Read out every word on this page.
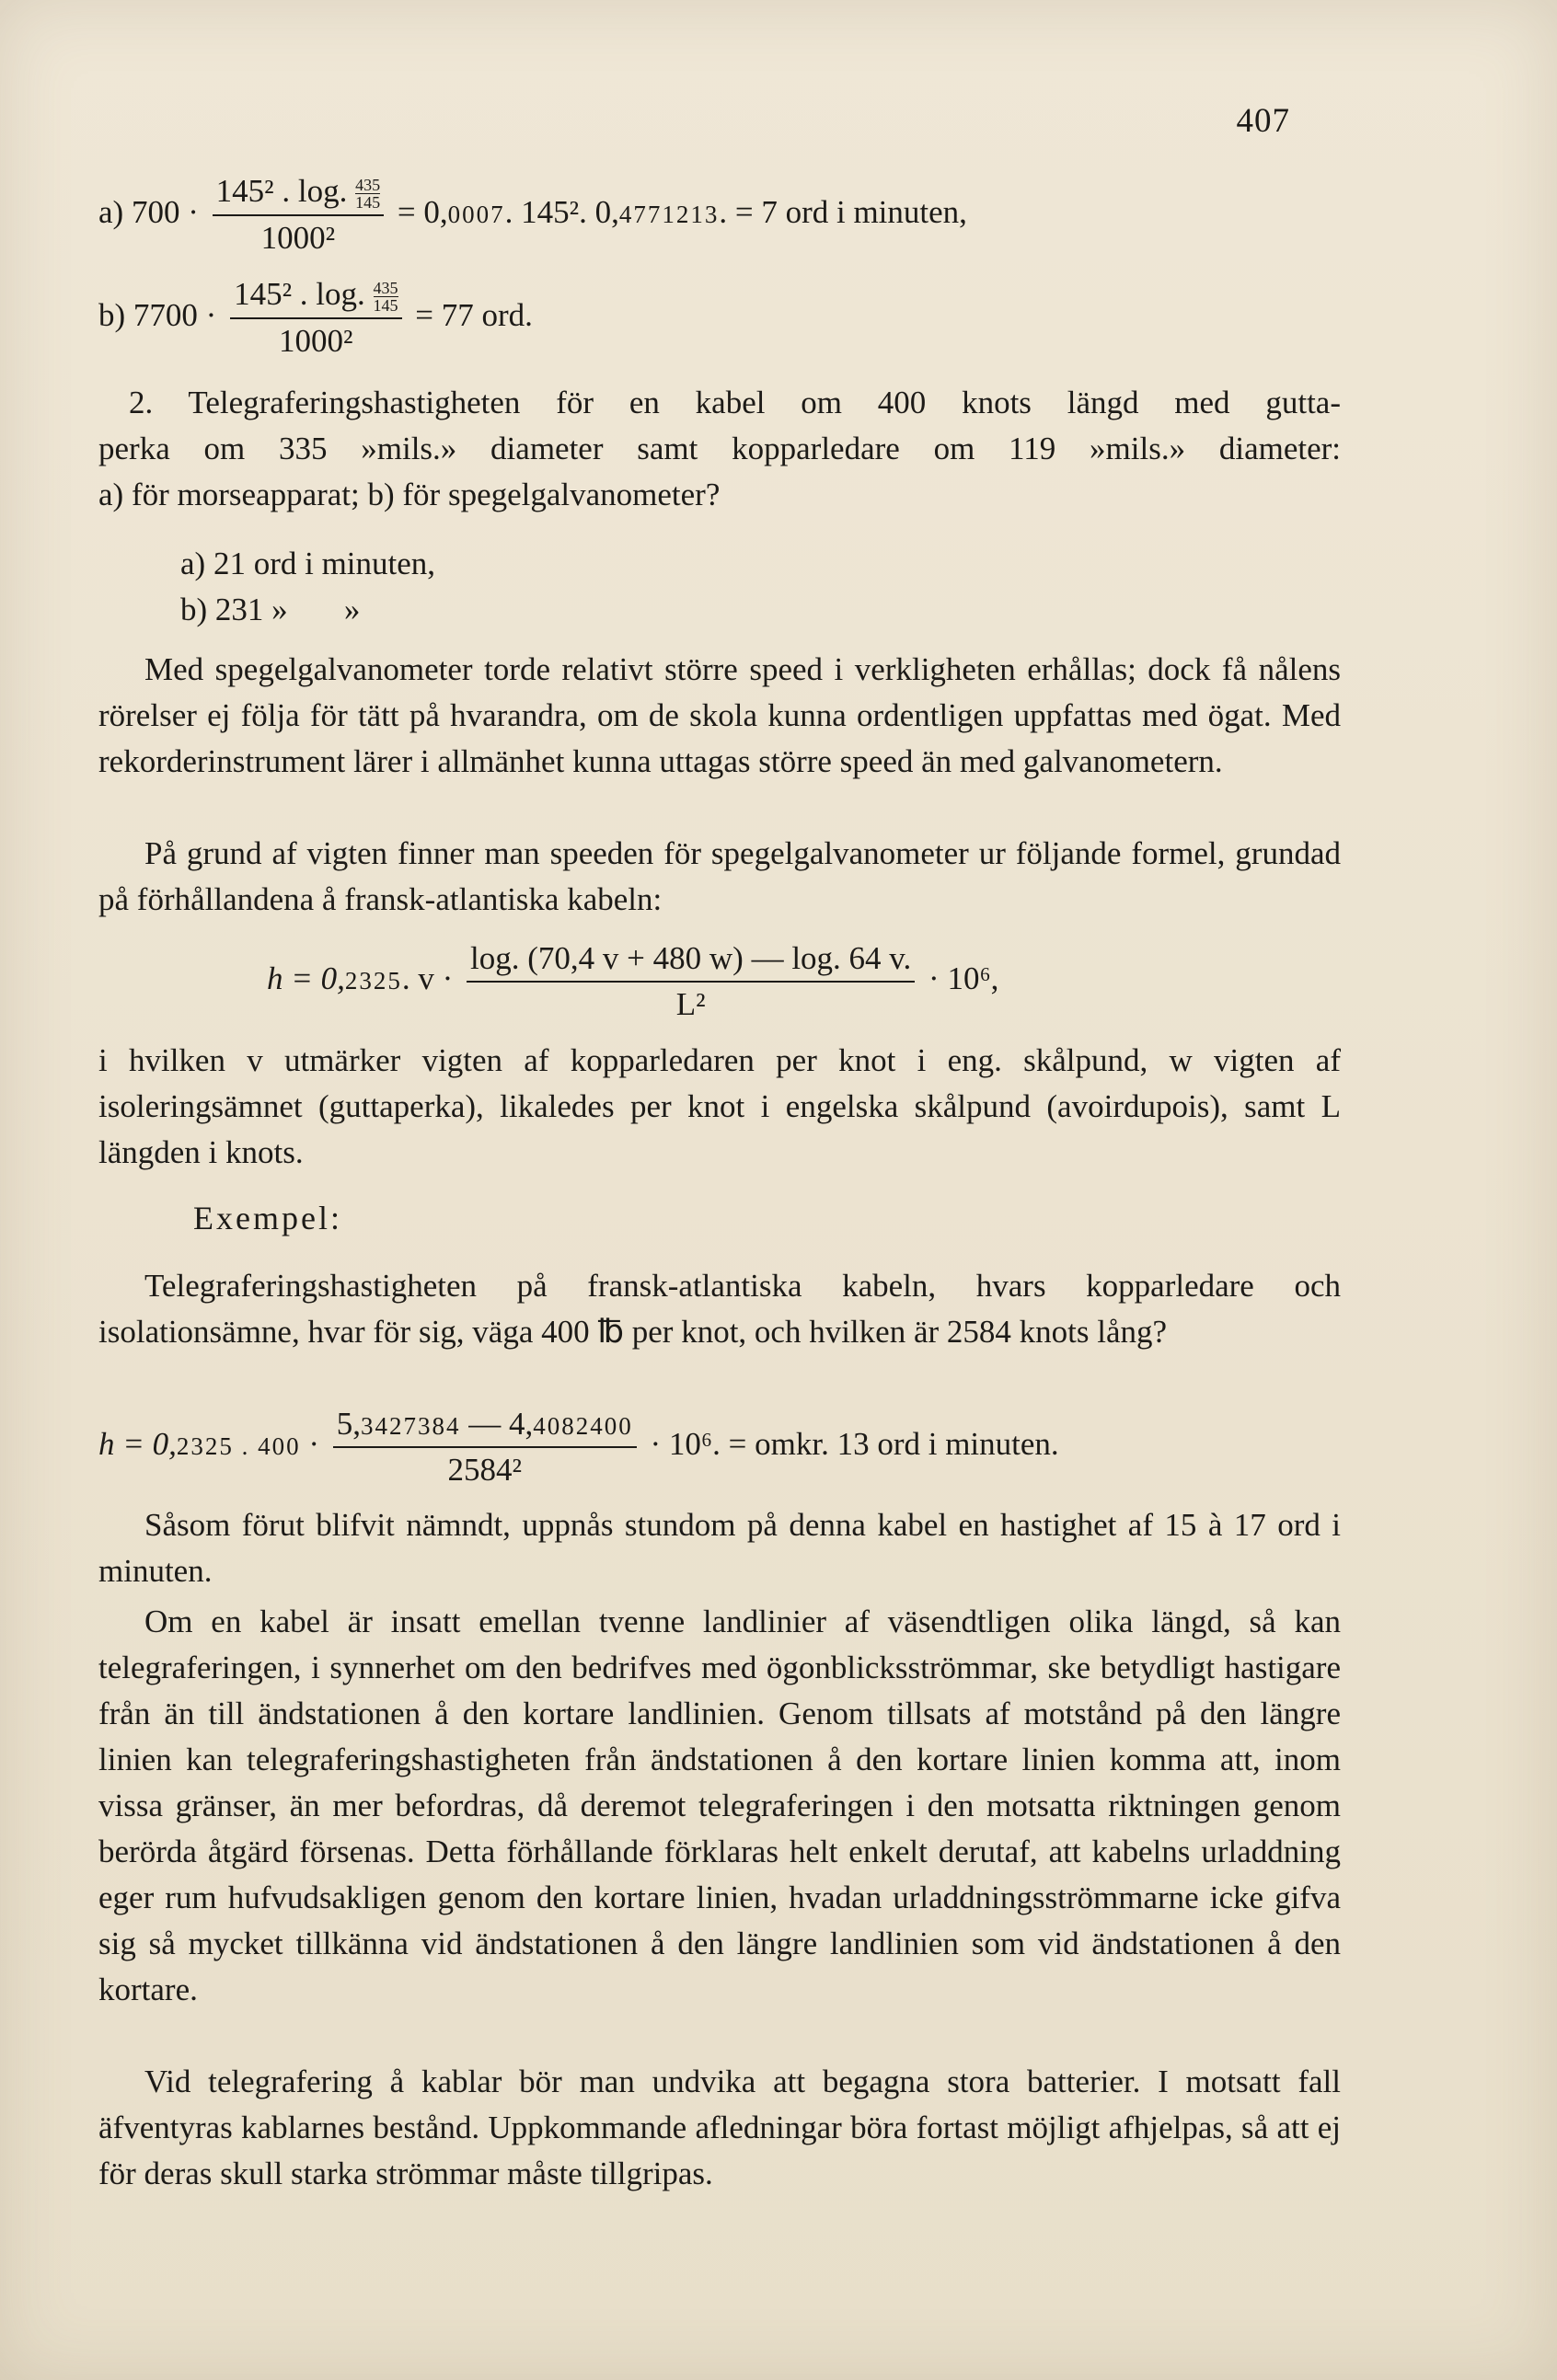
407
a) $700 \cdot \frac{145^2 . \log. \frac{435}{145}}{\text{1000²}} = 0,0007$. 145². 0,4771213. = 7 ord i minuten,
b) $7700 \cdot \frac{145^2 . \log. \frac{435}{145}}{\text{1000²}} = 77$ ord.
2. Telegraferingshastigheten för en kabel om 400 knots längd med gutta-
perka om 335 »mils.» diameter samt kopparledare om 119 »mils.» diameter:
a) för morseapparat; b) för spegelgalvanometer?
a) 21 ord i minuten,
b) 231 »       »
Med spegelgalvanometer torde relativt större speed i verkligheten erhållas; dock få nålens rörelser ej följa för tätt på hvarandra, om de skola kunna ordentligen uppfattas med ögat. Med rekorderinstrument lärer i allmänhet kunna uttagas större speed än med galvanometern.
På grund af vigten finner man speeden för spegelgalvanometer ur följande formel, grundad på förhållandena å fransk-atlantiska kabeln:
h = 0,2325. $v \cdot \frac{\log. (70,4 v + 480 w) — \log. 64 v.}{\text{L²}} \cdot 10^6$,
i hvilken v utmärker vigten af kopparledaren per knot i eng. skålpund, w vigten af isoleringsämnet (guttaperka), likaledes per knot i engelska skålpund (avoirdupois), samt L längden i knots.
Exempel:
Telegraferingshastigheten på fransk-atlantiska kabeln, hvars kopparledare och isolationsämne, hvar för sig, väga 400 ℔ per knot, och hvilken är 2584 knots lång?
h = 0,2325 . $400 \cdot \frac{5,3427384 — 4,4082400}{\text{2584²}} \cdot 10^6$. = omkr. 13 ord i minuten.
Såsom förut blifvit nämndt, uppnås stundom på denna kabel en hastighet af 15 à 17 ord i minuten.
Om en kabel är insatt emellan tvenne landlinier af väsendtligen olika längd, så kan telegraferingen, i synnerhet om den bedrifves med ögonblicksströmmar, ske betydligt hastigare från än till ändstationen å den kortare landlinien. Genom tillsats af motstånd på den längre linien kan telegraferingshastigheten från ändstationen å den kortare linien komma att, inom vissa gränser, än mer befordras, då deremot telegraferingen i den motsatta riktningen genom berörda åtgärd försenas. Detta förhållande förklaras helt enkelt derutaf, att kabelns urladdning eger rum hufvudsakligen genom den kortare linien, hvadan urladdningsströmmarne icke gifva sig så mycket tillkänna vid ändstationen å den längre landlinien som vid ändstationen å den kortare.
Vid telegrafering å kablar bör man undvika att begagna stora batterier. I motsatt fall äfventyras kablarnes bestånd. Uppkommande afledningar böra fortast möjligt afhjelpas, så att ej för deras skull starka strömmar måste tillgripas.
